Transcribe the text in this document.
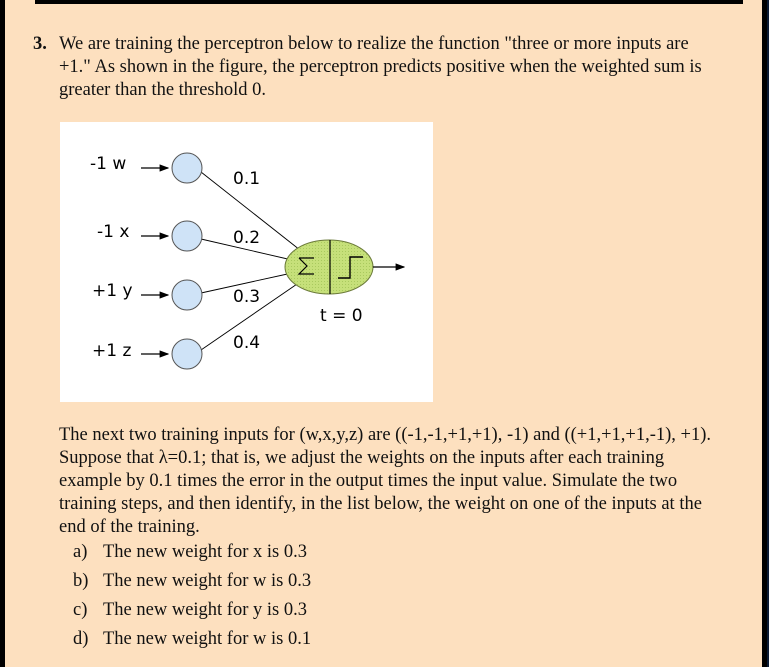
3. We are training the perceptron below to realize the function "three or more inputs are +1." As shown in the figure, the perceptron predicts positive when the weighted sum is greater than the threshold 0.
-1 w
-1 x
+1 y
+1 z
0.1
0.2
0.3
0.4
t = 0
The next two training inputs for (w,x,y,z) are ((-1,-1,+1,+1), -1) and ((+1,+1,+1,-1), +1). Suppose that λ=0.1; that is, we adjust the weights on the inputs after each training example by 0.1 times the error in the output times the input value. Simulate the two training steps, and then identify, in the list below, the weight on one of the inputs at the end of the training.
a) The new weight for x is 0.3
b) The new weight for w is 0.3
c) The new weight for y is 0.3
d) The new weight for w is 0.1
